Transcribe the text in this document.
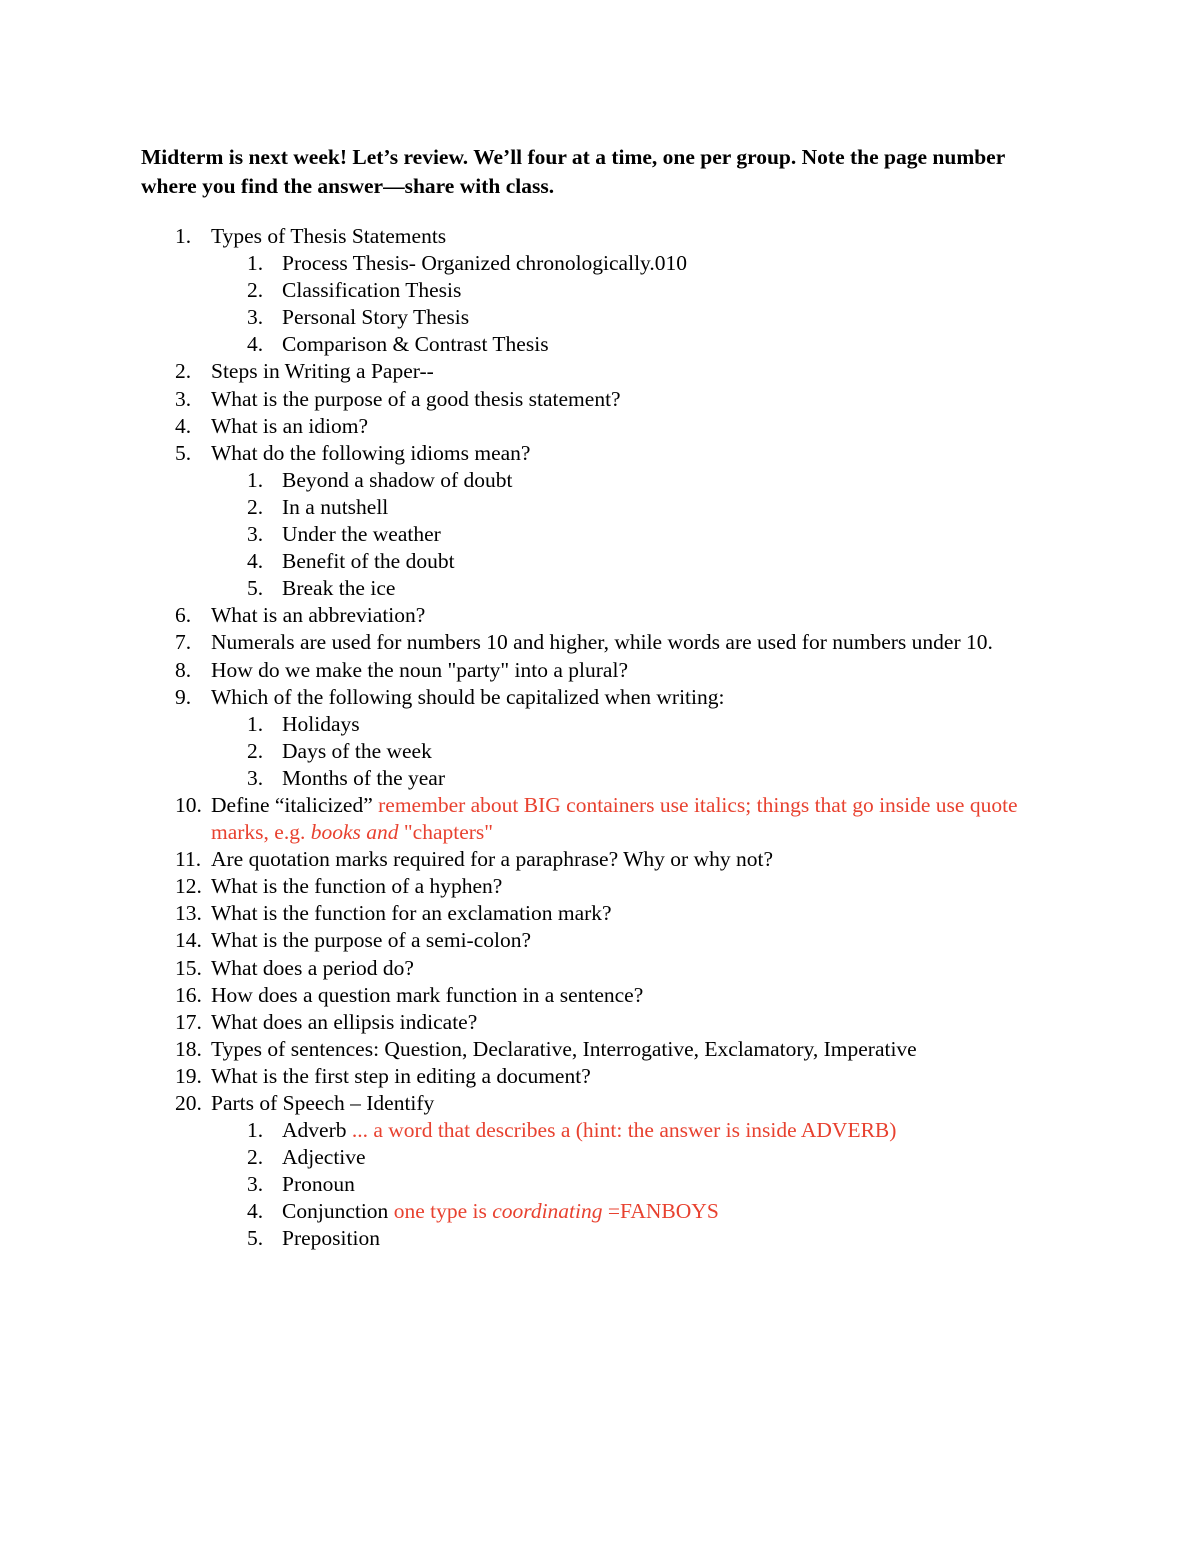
Midterm is next week! Let’s review. We’ll four at a time, one per group. Note the page number where you find the answer—share with class.

1. Types of Thesis Statements
1. Process Thesis- Organized chronologically.010
2. Classification Thesis
3. Personal Story Thesis
4. Comparison & Contrast Thesis
2. Steps in Writing a Paper--
3. What is the purpose of a good thesis statement?
4. What is an idiom?
5. What do the following idioms mean?
1. Beyond a shadow of doubt
2. In a nutshell
3. Under the weather
4. Benefit of the doubt
5. Break the ice
6. What is an abbreviation?
7. Numerals are used for numbers 10 and higher, while words are used for numbers under 10.
8. How do we make the noun "party" into a plural?
9. Which of the following should be capitalized when writing:
1. Holidays
2. Days of the week
3. Months of the year
10. Define “italicized” remember about BIG containers use italics; things that go inside use quote marks, e.g. books and "chapters"
11. Are quotation marks required for a paraphrase? Why or why not?
12. What is the function of a hyphen?
13. What is the function for an exclamation mark?
14. What is the purpose of a semi-colon?
15. What does a period do?
16. How does a question mark function in a sentence?
17. What does an ellipsis indicate?
18. Types of sentences: Question, Declarative, Interrogative, Exclamatory, Imperative
19. What is the first step in editing a document?
20. Parts of Speech – Identify
1. Adverb ... a word that describes a (hint: the answer is inside ADVERB)
2. Adjective
3. Pronoun
4. Conjunction one type is coordinating =FANBOYS
5. Preposition
